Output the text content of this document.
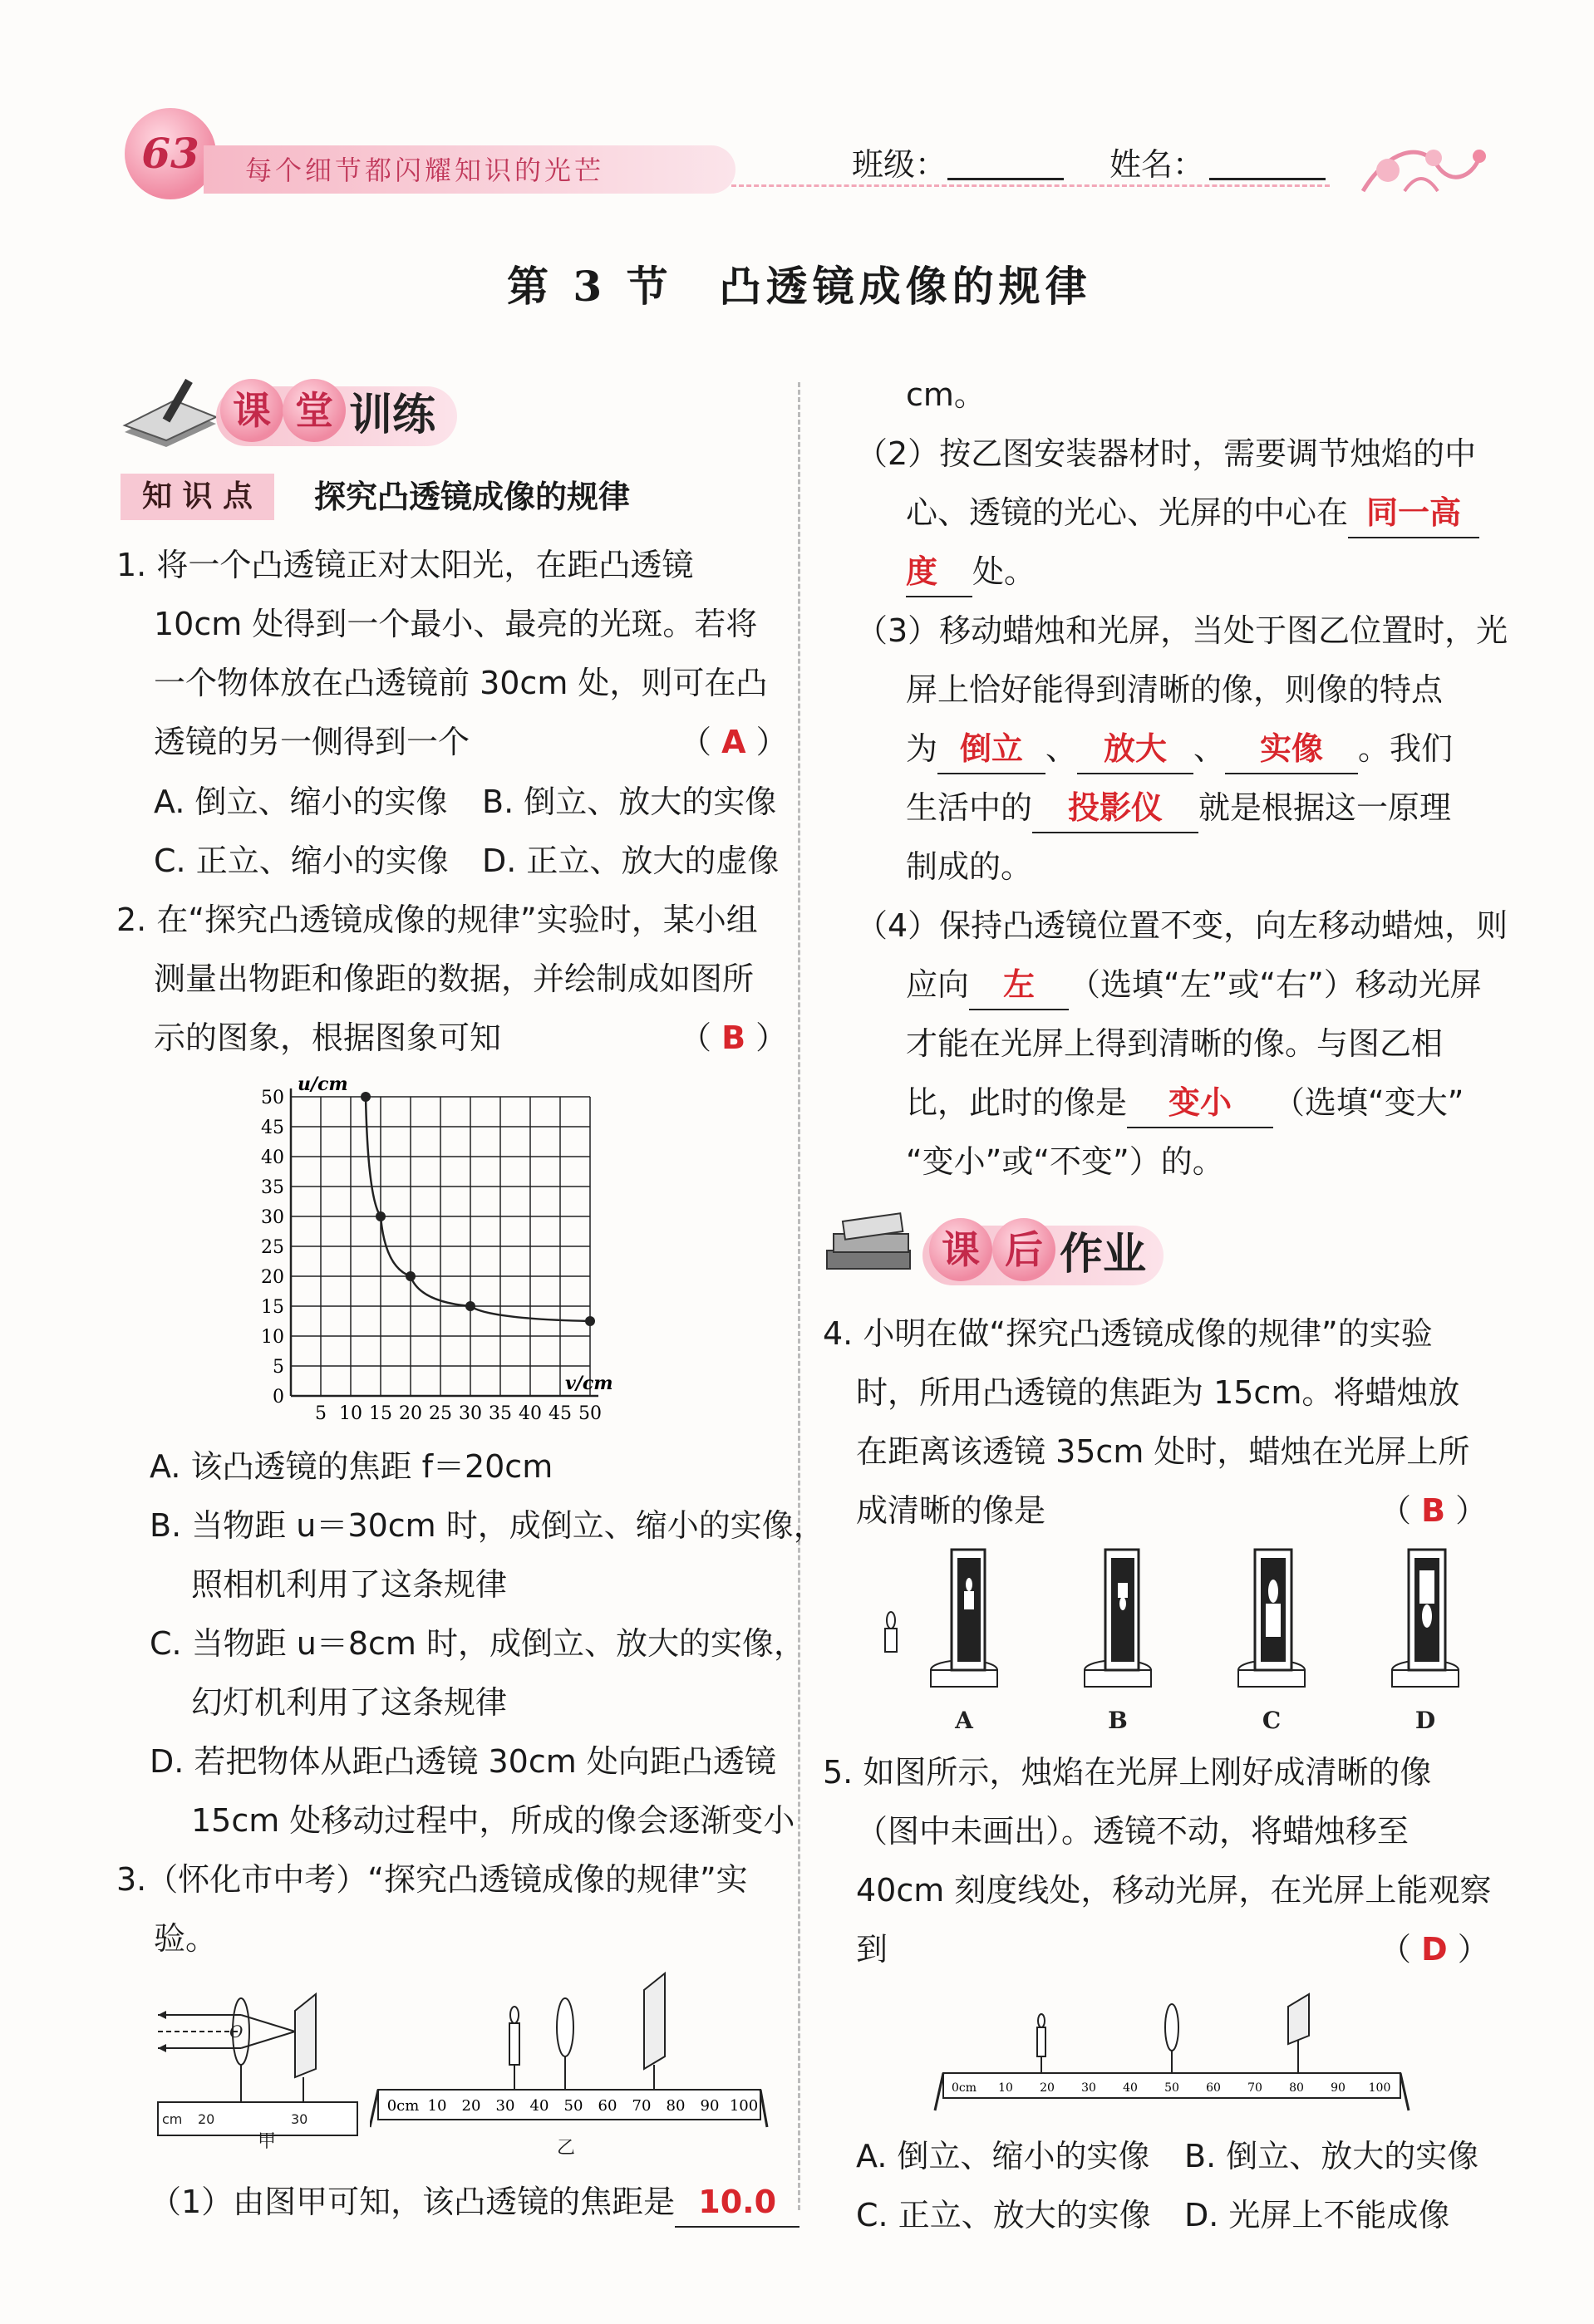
63	每个细节都闪耀知识的光芒	班级：	姓名：
第 3 节　凸透镜成像的规律
课 堂 训练
知 识 点	探究凸透镜成像的规律
1. 将一个凸透镜正对太阳光，在距凸透镜
10cm 处得到一个最小、最亮的光斑。若将
一个物体放在凸透镜前 30cm 处，则可在凸
透镜的另一侧得到一个	（ A ）
A. 倒立、缩小的实像 B. 倒立、放大的实像
C. 正立、缩小的实像 D. 正立、放大的虚像
2. 在“探究凸透镜成像的规律”实验时，某小组
测量出物距和像距的数据，并绘制成如图所
示的图象，根据图象可知	（ B ）
0
5
10
15
20
25
30
35
40
45
50
5 10 15 20 25 30 35 40 45 50
u/cm
v/cm
A. 该凸透镜的焦距 f＝20cm
B. 当物距 u＝30cm 时，成倒立、缩小的实像，
照相机利用了这条规律
C. 当物距 u＝8cm 时，成倒立、放大的实像，
幻灯机利用了这条规律
D. 若把物体从距凸透镜 30cm 处向距凸透镜
15cm 处移动过程中，所成的像会逐渐变小
3.（怀化市中考）“探究凸透镜成像的规律”实
验。
cm 20	30
O
甲
0cm 10 20 30 40 50 60 70 80 90 100
乙
（1）由图甲可知，该凸透镜的焦距是 10.0
cm。
（2）按乙图安装器材时，需要调节烛焰的中
心、透镜的光心、光屏的中心在 同一高
度 处。
（3）移动蜡烛和光屏，当处于图乙位置时，光
屏上恰好能得到清晰的像，则像的特点
为 倒立 、 放大 、 实像 。我们
生活中的 投影仪 就是根据这一原理
制成的。
（4）保持凸透镜位置不变，向左移动蜡烛，则
应向 左 （选填“左”或“右”）移动光屏
才能在光屏上得到清晰的像。与图乙相
比，此时的像是 变小 （选填“变大”
“变小”或“不变”）的。
课 后 作业
4. 小明在做“探究凸透镜成像的规律”的实验
时，所用凸透镜的焦距为 15cm。将蜡烛放
在距离该透镜 35cm 处时，蜡烛在光屏上所
成清晰的像是	（ B ）
A	B	C	D
5. 如图所示，烛焰在光屏上刚好成清晰的像
（图中未画出）。透镜不动，将蜡烛移至
40cm 刻度线处，移动光屏，在光屏上能观察
到	（ D ）
0cm 10 20 30 40 50 60 70 80 90 100
A. 倒立、缩小的实像 B. 倒立、放大的实像
C. 正立、放大的实像 D. 光屏上不能成像
